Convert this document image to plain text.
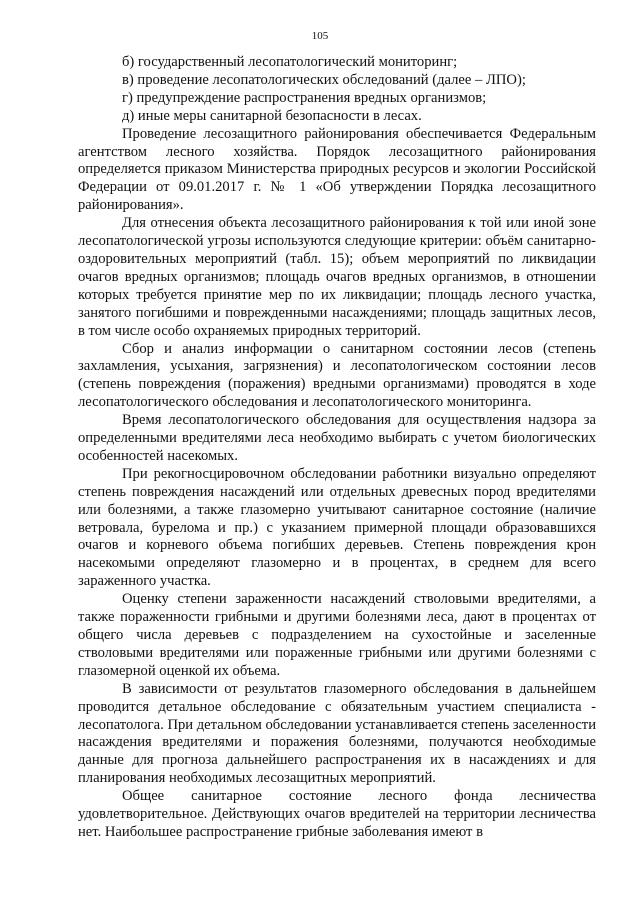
105

б) государственный лесопатологический мониторинг;

в) проведение лесопатологических обследований (далее – ЛПО);

г) предупреждение распространения вредных организмов;

д) иные меры санитарной безопасности в лесах.

Проведение лесозащитного районирования обеспечивается Федеральным агентством лесного хозяйства. Порядок лесозащитного районирования определяется приказом Министерства природных ресурсов и экологии Российской Федерации от 09.01.2017 г. № 1 «Об утверждении Порядка лесозащитного районирования».

Для отнесения объекта лесозащитного районирования к той или иной зоне лесопатологической угрозы используются следующие критерии: объём санитарно-оздоровительных мероприятий (табл. 15); объем мероприятий по ликвидации очагов вредных организмов; площадь очагов вредных организмов, в отношении которых требуется принятие мер по их ликвидации; площадь лесного участка, занятого погибшими и поврежденными насаждениями; площадь защитных лесов, в том числе особо охраняемых природных территорий.

Сбор и анализ информации о санитарном состоянии лесов (степень захламления, усыхания, загрязнения) и лесопатологическом состоянии лесов (степень повреждения (поражения) вредными организмами) проводятся в ходе лесопатологического обследования и лесопатологического мониторинга.

Время лесопатологического обследования для осуществления надзора за определенными вредителями леса необходимо выбирать с учетом биологических особенностей насекомых.

При рекогносцировочном обследовании работники визуально определяют степень повреждения насаждений или отдельных древесных пород вредителями или болезнями, а также глазомерно учитывают санитарное состояние (наличие ветровала, бурелома и пр.) с указанием примерной площади образовавшихся очагов и корневого объема погибших деревьев. Степень повреждения крон насекомыми определяют глазомерно и в процентах, в среднем для всего зараженного участка.

Оценку степени зараженности насаждений стволовыми вредителями, а также пораженности грибными и другими болезнями леса, дают в процентах от общего числа деревьев с подразделением на сухостойные и заселенные стволовыми вредителями или пораженные грибными или другими болезнями с глазомерной оценкой их объема.

В зависимости от результатов глазомерного обследования в дальнейшем проводится детальное обследование с обязательным участием специалиста - лесопатолога. При детальном обследовании устанавливается степень заселенности насаждения вредителями и поражения болезнями, получаются необходимые данные для прогноза дальнейшего распространения их в насаждениях и для планирования необходимых лесозащитных мероприятий.

Общее санитарное состояние лесного фонда лесничества удовлетворительное. Действующих очагов вредителей на территории лесничества нет. Наибольшее распространение грибные заболевания имеют в
